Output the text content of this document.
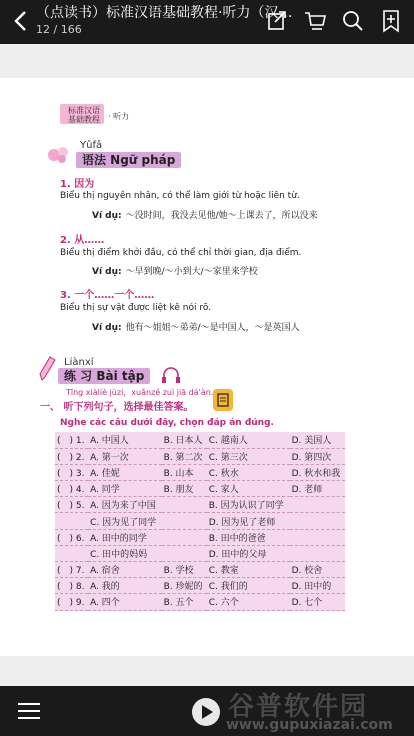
（点读书）标准汉语基础教程·听力（汉…
12 / 166
标准汉语
基础教程 · 听力
Yǔfǎ
语法 Ngữ pháp
1. 因为
Biểu thị nguyên nhân, có thể làm giới từ hoặc liên từ.
Ví dụ: ～没时间，我没去见他/她～上课去了，所以没来
2. 从……
Biểu thị điểm khởi đầu, có thể chỉ thời gian, địa điểm.
Ví dụ: ～早到晚/～小到大/～家里来学校
3. 一个……一个……
Biểu thị sự vật được liệt kê nói rõ.
Ví dụ: 他有～姐姐～弟弟/～是中国人，～是英国人
Liànxí
练 习 Bài tập
Tīng xiàliè jùzi，xuǎnzé zuì jiā dá'àn.
一、 听下列句子，选择最佳答案。
Nghe các câu dưới đây, chọn đáp án đúng.
(　) 1.	A. 中国人	B. 日本人	C. 越南人	D. 美国人
(　) 2.	A. 第一次	B. 第二次	C. 第三次	D. 第四次
(　) 3.	A. 佳妮	B. 山本	C. 秋水	D. 秋水和我
(　) 4.	A. 同学	B. 朋友	C. 家人	D. 老师
(　) 5.	A. 因为来了中国		B. 因为认识了同学	
	C. 因为见了同学		D. 因为见了老师	
(　) 6.	A. 田中的同学		B. 田中的爸爸	
	C. 田中的妈妈		D. 田中的父母	
(　) 7.	A. 宿舍	B. 学校	C. 教室	D. 校舍
(　) 8.	A. 我的	B. 珍妮的	C. 我们的	D. 田中的
(　) 9.	A. 四个	B. 五个	C. 六个	D. 七个
谷普软件园
www.gupuxiazai.com
